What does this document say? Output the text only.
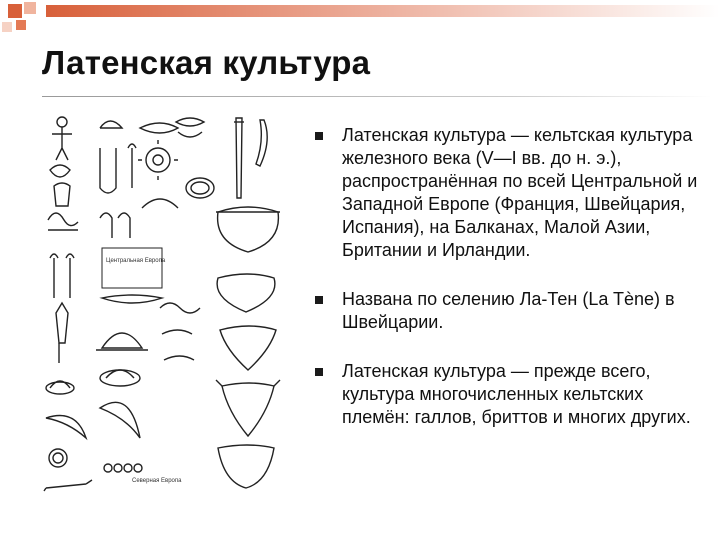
Латенская культура
Центральная Европа
Северная Европа
Латенская культура — кельтская культура железного века (V—I вв. до н. э.), распространённая по всей Центральной и Западной Европе (Франция, Швейцария, Испания), на Балканах, Малой Азии, Британии и Ирландии.
Названа по селению Ла-Тен (La Tène) в Швейцарии.
Латенская культура — прежде всего, культура многочисленных кельтских племён: галлов, бриттов и многих других.
